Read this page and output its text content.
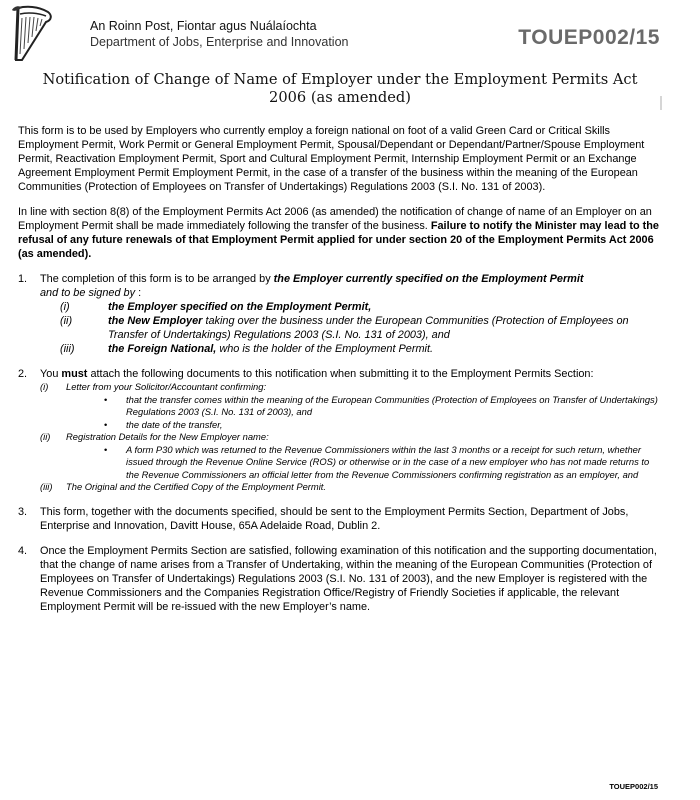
An Roinn Post, Fiontar agus Nuálaíochta
Department of Jobs, Enterprise and Innovation	TOUEP002/15
Notification of Change of Name of Employer under the Employment Permits Act
2006 (as amended)

This form is to be used by Employers who currently employ a foreign national on foot of a valid Green Card or Critical Skills Employment Permit, Work Permit or General Employment Permit, Spousal/Dependant or Dependant/Partner/Spouse Employment Permit, Reactivation Employment Permit, Sport and Cultural Employment Permit, Internship Employment Permit or an Exchange Agreement Employment Permit Employment Permit, in the case of a transfer of the business within the meaning of the European Communities (Protection of Employees on Transfer of Undertakings) Regulations 2003 (S.I. No. 131 of 2003).

In line with section 8(8) of the Employment Permits Act 2006 (as amended) the notification of change of name of an Employer on an Employment Permit shall be made immediately following the transfer of the business. Failure to notify the Minister may lead to the refusal of any future renewals of that Employment Permit applied for under section 20 of the Employment Permits Act 2006 (as amended).

1. The completion of this form is to be arranged by the Employer currently specified on the Employment Permit
and to be signed by :
(i)	the Employer specified on the Employment Permit,
(ii)	the New Employer taking over the business under the European Communities (Protection of Employees on Transfer of Undertakings) Regulations 2003 (S.I. No. 131 of 2003), and
(iii)	the Foreign National, who is the holder of the Employment Permit.
2. You must attach the following documents to this notification when submitting it to the Employment Permits Section:
(i) Letter from your Solicitor/Accountant confirming:
• that the transfer comes within the meaning of the European Communities (Protection of Employees on Transfer of Undertakings) Regulations 2003 (S.I. No. 131 of 2003), and
• the date of the transfer,
(ii) Registration Details for the New Employer name:
• A form P30 which was returned to the Revenue Commissioners within the last 3 months or a receipt for such return, whether issued through the Revenue Online Service (ROS) or otherwise or in the case of a new employer who has not made returns to the Revenue Commissioners an official letter from the Revenue Commissioners confirming registration as an employer, and
(iii) The Original and the Certified Copy of the Employment Permit.
3. This form, together with the documents specified, should be sent to the Employment Permits Section, Department of Jobs, Enterprise and Innovation, Davitt House, 65A Adelaide Road, Dublin 2.
4. Once the Employment Permits Section are satisfied, following examination of this notification and the supporting documentation, that the change of name arises from a Transfer of Undertaking, within the meaning of the European Communities (Protection of Employees on Transfer of Undertakings) Regulations 2003 (S.I. No. 131 of 2003), and the new Employer is registered with the Revenue Commissioners and the Companies Registration Office/Registry of Friendly Societies if applicable, the relevant Employment Permit will be re-issued with the new Employer’s name.
TOUEP002/15
